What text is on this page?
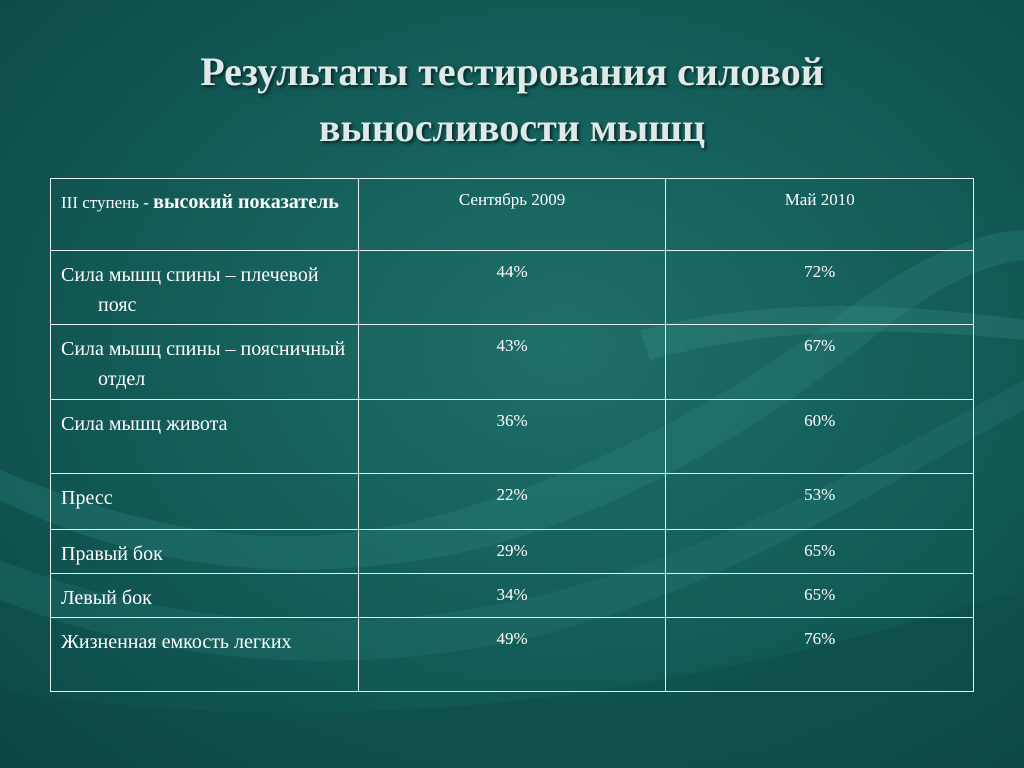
Результаты тестирования силовой
выносливости мышц
III ступень - высокий показатель	Сентябрь 2009	Май 2010

Сила мышц спины – плечевой пояс	44%	72%

Сила мышц спины – поясничный отдел	43%	67%

Сила мышц живота	36%	60%

Пресс	22%	53%

Правый бок	29%	65%

Левый бок	34%	65%

Жизненная емкость легких	49%	76%
